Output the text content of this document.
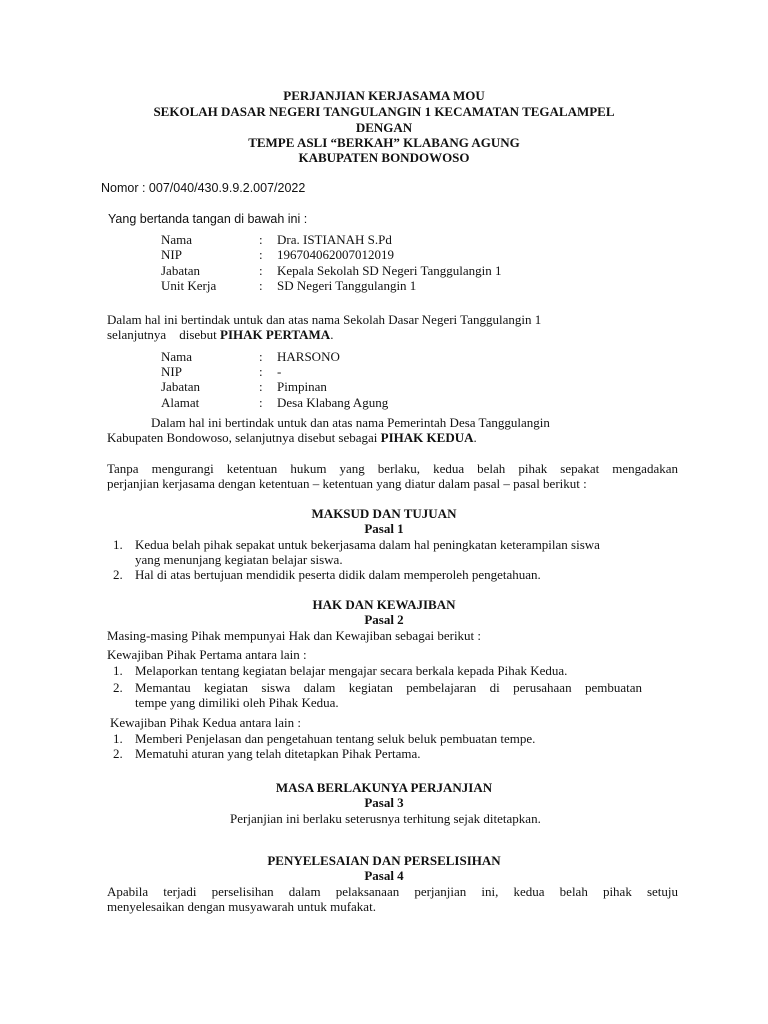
PERJANJIAN KERJASAMA MOU
SEKOLAH DASAR NEGERI TANGULANGIN 1 KECAMATAN TEGALAMPEL
DENGAN
TEMPE ASLI “BERKAH” KLABANG AGUNG
KABUPATEN BONDOWOSO
Nomor : 007/040/430.9.9.2.007/2022
Yang bertanda tangan di bawah ini :
Nama	: Dra. ISTIANAH S.Pd
NIP	: 196704062007012019
Jabatan	: Kepala Sekolah SD Negeri Tanggulangin 1
Unit Kerja	: SD Negeri Tanggulangin 1
Dalam hal ini bertindak untuk dan atas nama Sekolah Dasar Negeri Tanggulangin 1
selanjutnya    disebut PIHAK PERTAMA.
Nama	: HARSONO
NIP	: -
Jabatan	: Pimpinan
Alamat	: Desa Klabang Agung
Dalam hal ini bertindak untuk dan atas nama Pemerintah Desa Tanggulangin
Kabupaten Bondowoso, selanjutnya disebut sebagai PIHAK KEDUA.
Tanpa mengurangi ketentuan hukum yang berlaku, kedua belah pihak sepakat mengadakan
perjanjian kerjasama dengan ketentuan – ketentuan yang diatur dalam pasal – pasal berikut :
MAKSUD DAN TUJUAN
Pasal 1
1. Kedua belah pihak sepakat untuk bekerjasama dalam hal peningkatan keterampilan siswa
yang menunjang kegiatan belajar siswa.
2. Hal di atas bertujuan mendidik peserta didik dalam memperoleh pengetahuan.
HAK DAN KEWAJIBAN
Pasal 2
Masing-masing Pihak mempunyai Hak dan Kewajiban sebagai berikut :
Kewajiban Pihak Pertama antara lain :
1. Melaporkan tentang kegiatan belajar mengajar secara berkala kepada Pihak Kedua.
2. Memantau kegiatan siswa dalam kegiatan pembelajaran di perusahaan pembuatan
tempe yang dimiliki oleh Pihak Kedua.
Kewajiban Pihak Kedua antara lain :
1. Memberi Penjelasan dan pengetahuan tentang seluk beluk pembuatan tempe.
2. Mematuhi aturan yang telah ditetapkan Pihak Pertama.
MASA BERLAKUNYA PERJANJIAN
Pasal 3
Perjanjian ini berlaku seterusnya terhitung sejak ditetapkan.
PENYELESAIAN DAN PERSELISIHAN
Pasal 4
Apabila terjadi perselisihan dalam pelaksanaan perjanjian ini, kedua belah pihak setuju
menyelesaikan dengan musyawarah untuk mufakat.
